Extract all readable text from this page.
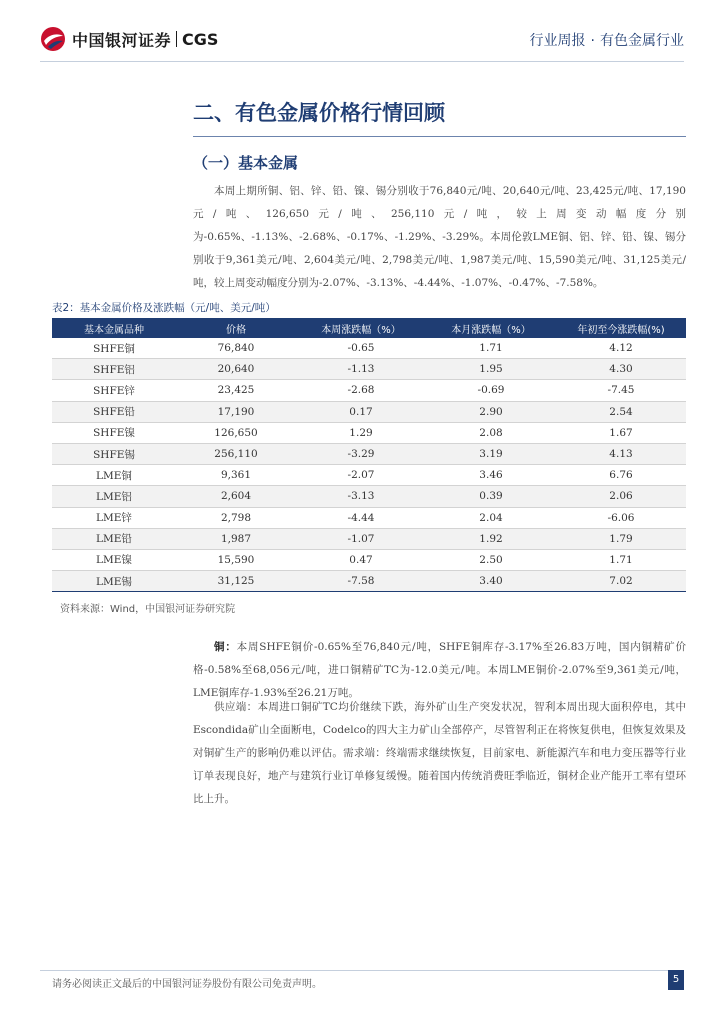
中国银河证券 CGS	行业周报 · 有色金属行业
二、有色金属价格行情回顾
（一）基本金属

本周上期所铜、铝、锌、铅、镍、锡分别收于76,840元/吨、20,640元/吨、23,425元/吨、17,190元/吨、126,650元/吨、256,110元/吨，较上周变动幅度分别为-0.65%、-1.13%、-2.68%、-0.17%、-1.29%、-3.29%。本周伦敦LME铜、铝、锌、铅、镍、锡分别收于9,361美元/吨、2,604美元/吨、2,798美元/吨、1,987美元/吨、15,590美元/吨、31,125美元/吨，较上周变动幅度分别为-2.07%、-3.13%、-4.44%、-1.07%、-0.47%、-7.58%。

表2：基本金属价格及涨跌幅（元/吨、美元/吨）
基本金属品种	价格	本周涨跌幅（%）	本月涨跌幅（%）	年初至今涨跌幅(%)
SHFE铜	76,840	-0.65	1.71	4.12
SHFE铝	20,640	-1.13	1.95	4.30
SHFE锌	23,425	-2.68	-0.69	-7.45
SHFE铅	17,190	0.17	2.90	2.54
SHFE镍	126,650	1.29	2.08	1.67
SHFE锡	256,110	-3.29	3.19	4.13
LME铜	9,361	-2.07	3.46	6.76
LME铝	2,604	-3.13	0.39	2.06
LME锌	2,798	-4.44	2.04	-6.06
LME铅	1,987	-1.07	1.92	1.79
LME镍	15,590	0.47	2.50	1.71
LME锡	31,125	-7.58	3.40	7.02
资料来源：Wind，中国银河证券研究院

铜：本周SHFE铜价-0.65%至76,840元/吨，SHFE铜库存-3.17%至26.83万吨，国内铜精矿价格-0.58%至68,056元/吨，进口铜精矿TC为-12.0美元/吨。本周LME铜价-2.07%至9,361美元/吨，LME铜库存-1.93%至26.21万吨。

供应端：本周进口铜矿TC均价继续下跌，海外矿山生产突发状况，智利本周出现大面积停电，其中Escondida矿山全面断电，Codelco的四大主力矿山全部停产，尽管智利正在将恢复供电，但恢复效果及对铜矿生产的影响仍难以评估。需求端：终端需求继续恢复，目前家电、新能源汽车和电力变压器等行业订单表现良好，地产与建筑行业订单修复缓慢。随着国内传统消费旺季临近，铜材企业产能开工率有望环比上升。

请务必阅读正文最后的中国银河证券股份有限公司免责声明。	5
